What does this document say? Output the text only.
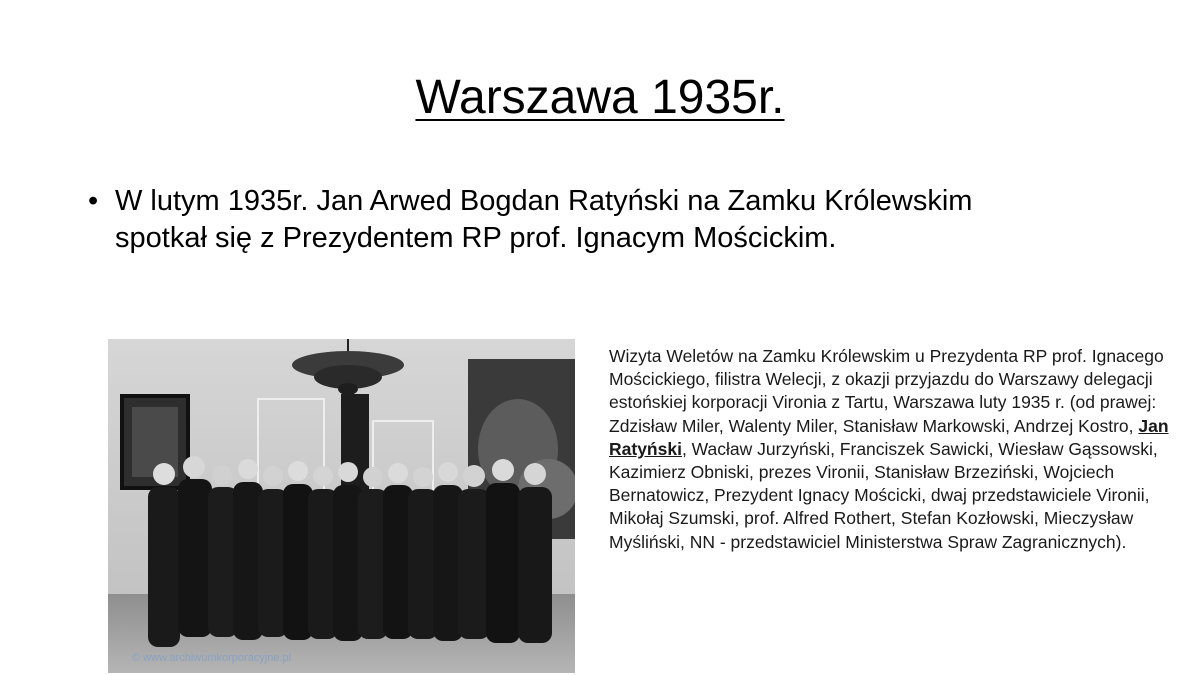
Warszawa 1935r.
• W lutym 1935r. Jan Arwed Bogdan Ratyński na Zamku Królewskim
spotkał się z Prezydentem RP prof. Ignacym Mościckim.
© www.archiwumkorporacyjne.pl
Wizyta Weletów na Zamku Królewskim u Prezydenta RP prof. Ignacego Mościckiego, filistra Welecji, z okazji przyjazdu do Warszawy delegacji estońskiej korporacji Vironia z Tartu, Warszawa luty 1935 r. (od prawej: Zdzisław Miler, Walenty Miler, Stanisław Markowski, Andrzej Kostro, Jan Ratyński, Wacław Jurzyński, Franciszek Sawicki, Wiesław Gąssowski, Kazimierz Obniski, prezes Vironii, Stanisław Brzeziński, Wojciech Bernatowicz, Prezydent Ignacy Mościcki, dwaj przedstawiciele Vironii, Mikołaj Szumski, prof. Alfred Rothert, Stefan Kozłowski, Mieczysław Myśliński, NN - przedstawiciel Ministerstwa Spraw Zagranicznych).
